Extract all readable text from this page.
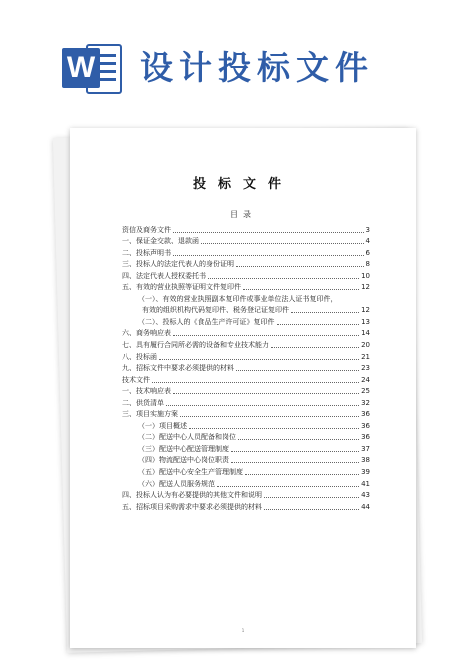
W 设计投标文件
投标文件
目录
资信及商务文件	3
一、保证金交款、退款函	4
二、投标声明书	6
三、投标人的法定代表人的身份证明	8
四、法定代表人授权委托书	10
五、有效的营业执照等证明文件复印件	12
（一）、有效的营业执照副本复印件或事业单位法人证书复印件，
有效的组织机构代码复印件、税务登记证复印件	12
（二）、投标人的《食品生产许可证》复印件	13
六、商务响应表	14
七、具有履行合同所必需的设备和专业技术能力	20
八、投标函	21
九、招标文件中要求必须提供的材料	23
技术文件	24
一、技术响应表	25
二、供货清单	32
三、项目实施方案	36
（一）项目概述	36
（二）配送中心人员配备和岗位	36
（三）配送中心配送管理制度	37
（四）物流配送中心岗位职责	38
（五）配送中心安全生产管理制度	39
（六）配送人员服务规范	41
四、投标人认为有必要提供的其他文件和说明	43
五、招标项目采购需求中要求必须提供的材料	44
1
